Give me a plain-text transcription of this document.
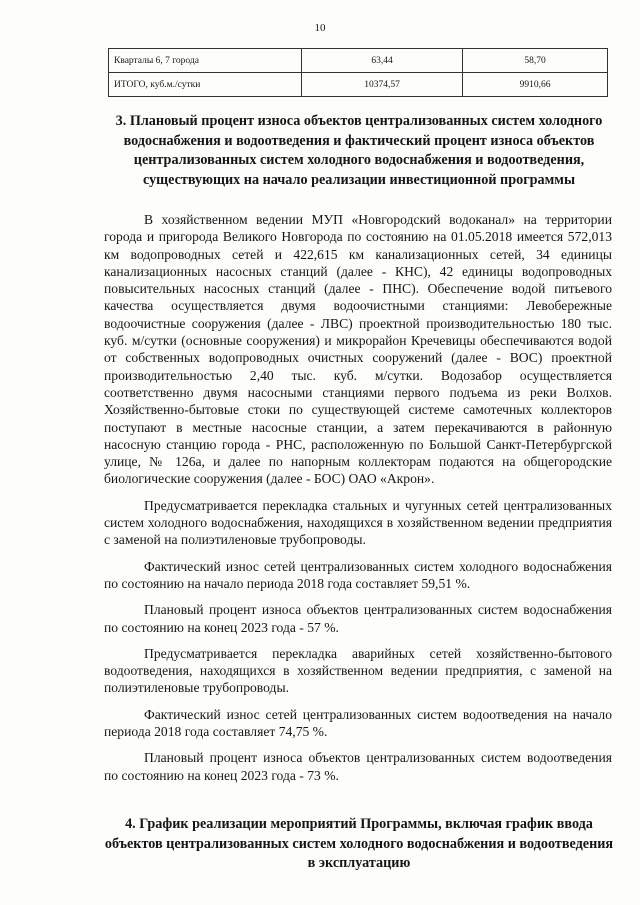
10
Кварталы 6, 7 города	63,44	58,70
ИТОГО, куб.м./сутки	10374,57	9910,66
3. Плановый процент износа объектов централизованных систем холодного водоснабжения и водоотведения и фактический процент износа объектов централизованных систем холодного водоснабжения и водоотведения, существующих на начало реализации инвестиционной программы

В хозяйственном ведении МУП «Новгородский водоканал» на территории города и пригорода Великого Новгорода по состоянию на 01.05.2018 имеется 572,013 км водопроводных сетей и 422,615 км канализационных сетей, 34 единицы канализационных насосных станций (далее - КНС), 42 единицы водопроводных повысительных насосных станций (далее - ПНС). Обеспечение водой питьевого качества осуществляется двумя водоочистными станциями: Левобережные водоочистные сооружения (далее - ЛВС) проектной производительностью 180 тыс. куб. м/сутки (основные сооружения) и микрорайон Кречевицы обеспечиваются водой от собственных водопроводных очистных сооружений (далее - ВОС) проектной производительностью 2,40 тыс. куб. м/сутки. Водозабор осуществляется соответственно двумя насосными станциями первого подъема из реки Волхов. Хозяйственно-бытовые стоки по существующей системе самотечных коллекторов поступают в местные насосные станции, а затем перекачиваются в районную насосную станцию города - РНС, расположенную по Большой Санкт-Петербургской улице, № 126а, и далее по напорным коллекторам подаются на общегородские биологические сооружения (далее - БОС) ОАО «Акрон».

Предусматривается перекладка стальных и чугунных сетей централизованных систем холодного водоснабжения, находящихся в хозяйственном ведении предприятия с заменой на полиэтиленовые трубопроводы.

Фактический износ сетей централизованных систем холодного водоснабжения по состоянию на начало периода 2018 года составляет 59,51 %.

Плановый процент износа объектов централизованных систем водоснабжения по состоянию на конец 2023 года - 57 %.

Предусматривается перекладка аварийных сетей хозяйственно-бытового водоотведения, находящихся в хозяйственном ведении предприятия, с заменой на полиэтиленовые трубопроводы.

Фактический износ сетей централизованных систем водоотведения на начало периода 2018 года составляет 74,75 %.

Плановый процент износа объектов централизованных систем водоотведения по состоянию на конец 2023 года - 73 %.

4. График реализации мероприятий Программы, включая график ввода объектов централизованных систем холодного водоснабжения и водоотведения в эксплуатацию
